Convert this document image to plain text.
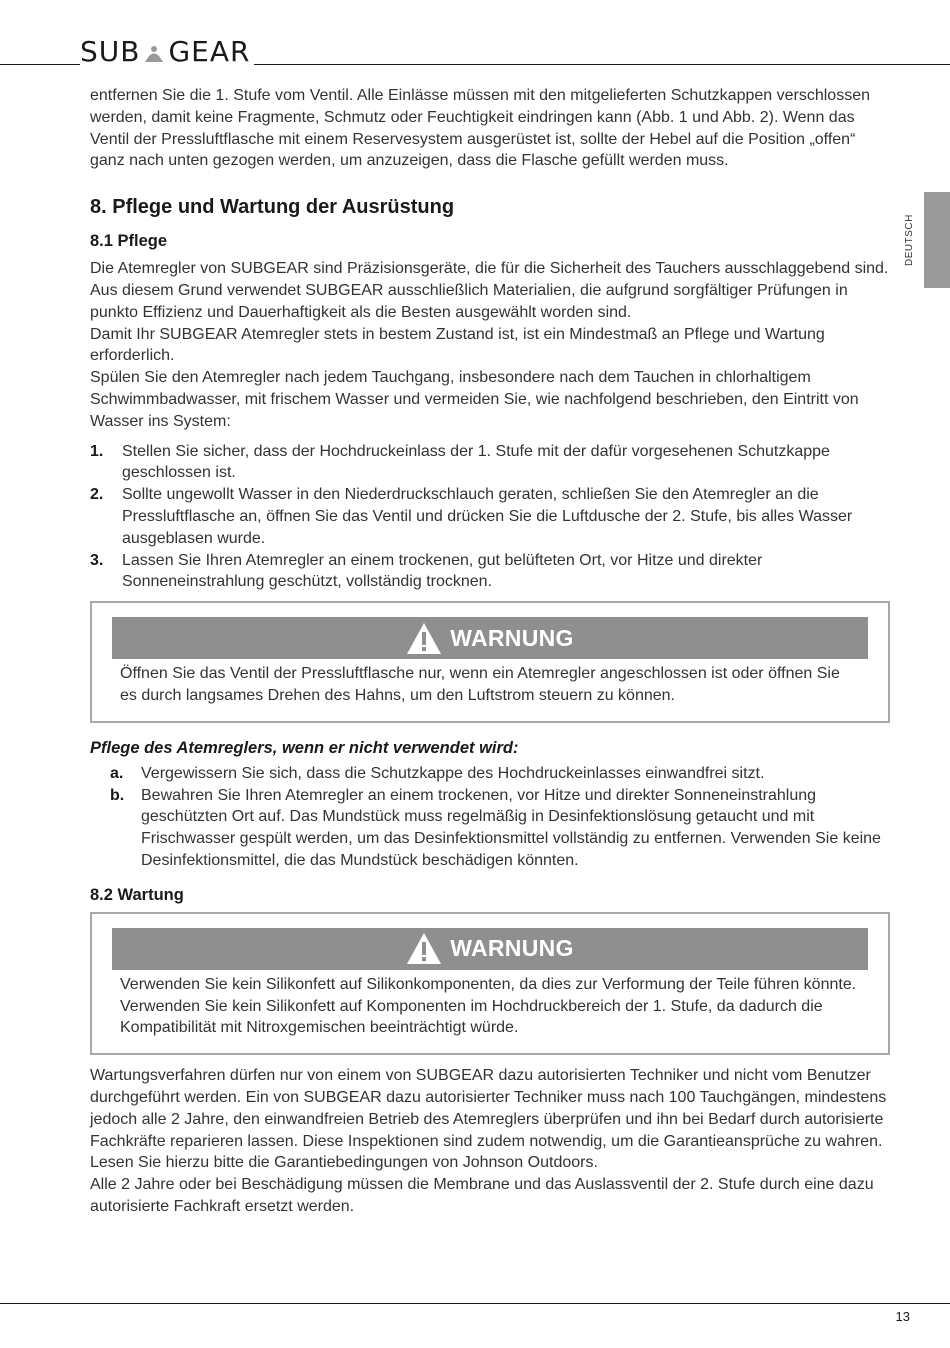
SUB GEAR
DEUTSCH

entfernen Sie die 1. Stufe vom Ventil. Alle Einlässe müssen mit den mitgelieferten Schutzkappen verschlossen werden, damit keine Fragmente, Schmutz oder Feuchtigkeit eindringen kann (Abb. 1 und Abb. 2). Wenn das Ventil der Pressluftflasche mit einem Reservesystem ausgerüstet ist, sollte der Hebel auf die Position „offen“ ganz nach unten gezogen werden, um anzuzeigen, dass die Flasche gefüllt werden muss.

8. Pflege und Wartung der Ausrüstung
8.1 Pflege

Die Atemregler von SUBGEAR sind Präzisionsgeräte, die für die Sicherheit des Tauchers ausschlaggebend sind. Aus diesem Grund verwendet SUBGEAR ausschließlich Materialien, die aufgrund sorgfältiger Prüfungen in punkto Effizienz und Dauerhaftigkeit als die Besten ausgewählt worden sind.

Damit Ihr SUBGEAR Atemregler stets in bestem Zustand ist, ist ein Mindestmaß an Pflege und Wartung erforderlich.

Spülen Sie den Atemregler nach jedem Tauchgang, insbesondere nach dem Tauchen in chlorhaltigem Schwimmbadwasser, mit frischem Wasser und vermeiden Sie, wie nachfolgend beschrieben, den Eintritt von Wasser ins System:

1. Stellen Sie sicher, dass der Hochdruckeinlass der 1. Stufe mit der dafür vorgesehenen Schutzkappe geschlossen ist.
2. Sollte ungewollt Wasser in den Niederdruckschlauch geraten, schließen Sie den Atemregler an die Pressluftflasche an, öffnen Sie das Ventil und drücken Sie die Luftdusche der 2. Stufe, bis alles Wasser ausgeblasen wurde.
3. Lassen Sie Ihren Atemregler an einem trockenen, gut belüfteten Ort, vor Hitze und direkter Sonneneinstrahlung geschützt, vollständig trocknen.
WARNUNG
Öffnen Sie das Ventil der Pressluftflasche nur, wenn ein Atemregler angeschlossen ist oder öffnen Sie es durch langsames Drehen des Hahns, um den Luftstrom steuern zu können.
Pflege des Atemreglers, wenn er nicht verwendet wird:
a. Vergewissern Sie sich, dass die Schutzkappe des Hochdruckeinlasses einwandfrei sitzt.
b. Bewahren Sie Ihren Atemregler an einem trockenen, vor Hitze und direkter Sonneneinstrahlung geschützten Ort auf. Das Mundstück muss regelmäßig in Desinfektionslösung getaucht und mit Frischwasser gespült werden, um das Desinfektionsmittel vollständig zu entfernen. Verwenden Sie keine Desinfektionsmittel, die das Mundstück beschädigen könnten.
8.2 Wartung
WARNUNG
Verwenden Sie kein Silikonfett auf Silikonkomponenten, da dies zur Verformung der Teile führen könnte. Verwenden Sie kein Silikonfett auf Komponenten im Hochdruckbereich der 1. Stufe, da dadurch die Kompatibilität mit Nitroxgemischen beeinträchtigt würde.

Wartungsverfahren dürfen nur von einem von SUBGEAR dazu autorisierten Techniker und nicht vom Benutzer durchgeführt werden. Ein von SUBGEAR dazu autorisierter Techniker muss nach 100 Tauchgängen, mindestens jedoch alle 2 Jahre, den einwandfreien Betrieb des Atemreglers überprüfen und ihn bei Bedarf durch autorisierte Fachkräfte reparieren lassen. Diese Inspektionen sind zudem notwendig, um die Garantieansprüche zu wahren. Lesen Sie hierzu bitte die Garantiebedingungen von Johnson Outdoors.

Alle 2 Jahre oder bei Beschädigung müssen die Membrane und das Auslassventil der 2. Stufe durch eine dazu autorisierte Fachkraft ersetzt werden.

13
